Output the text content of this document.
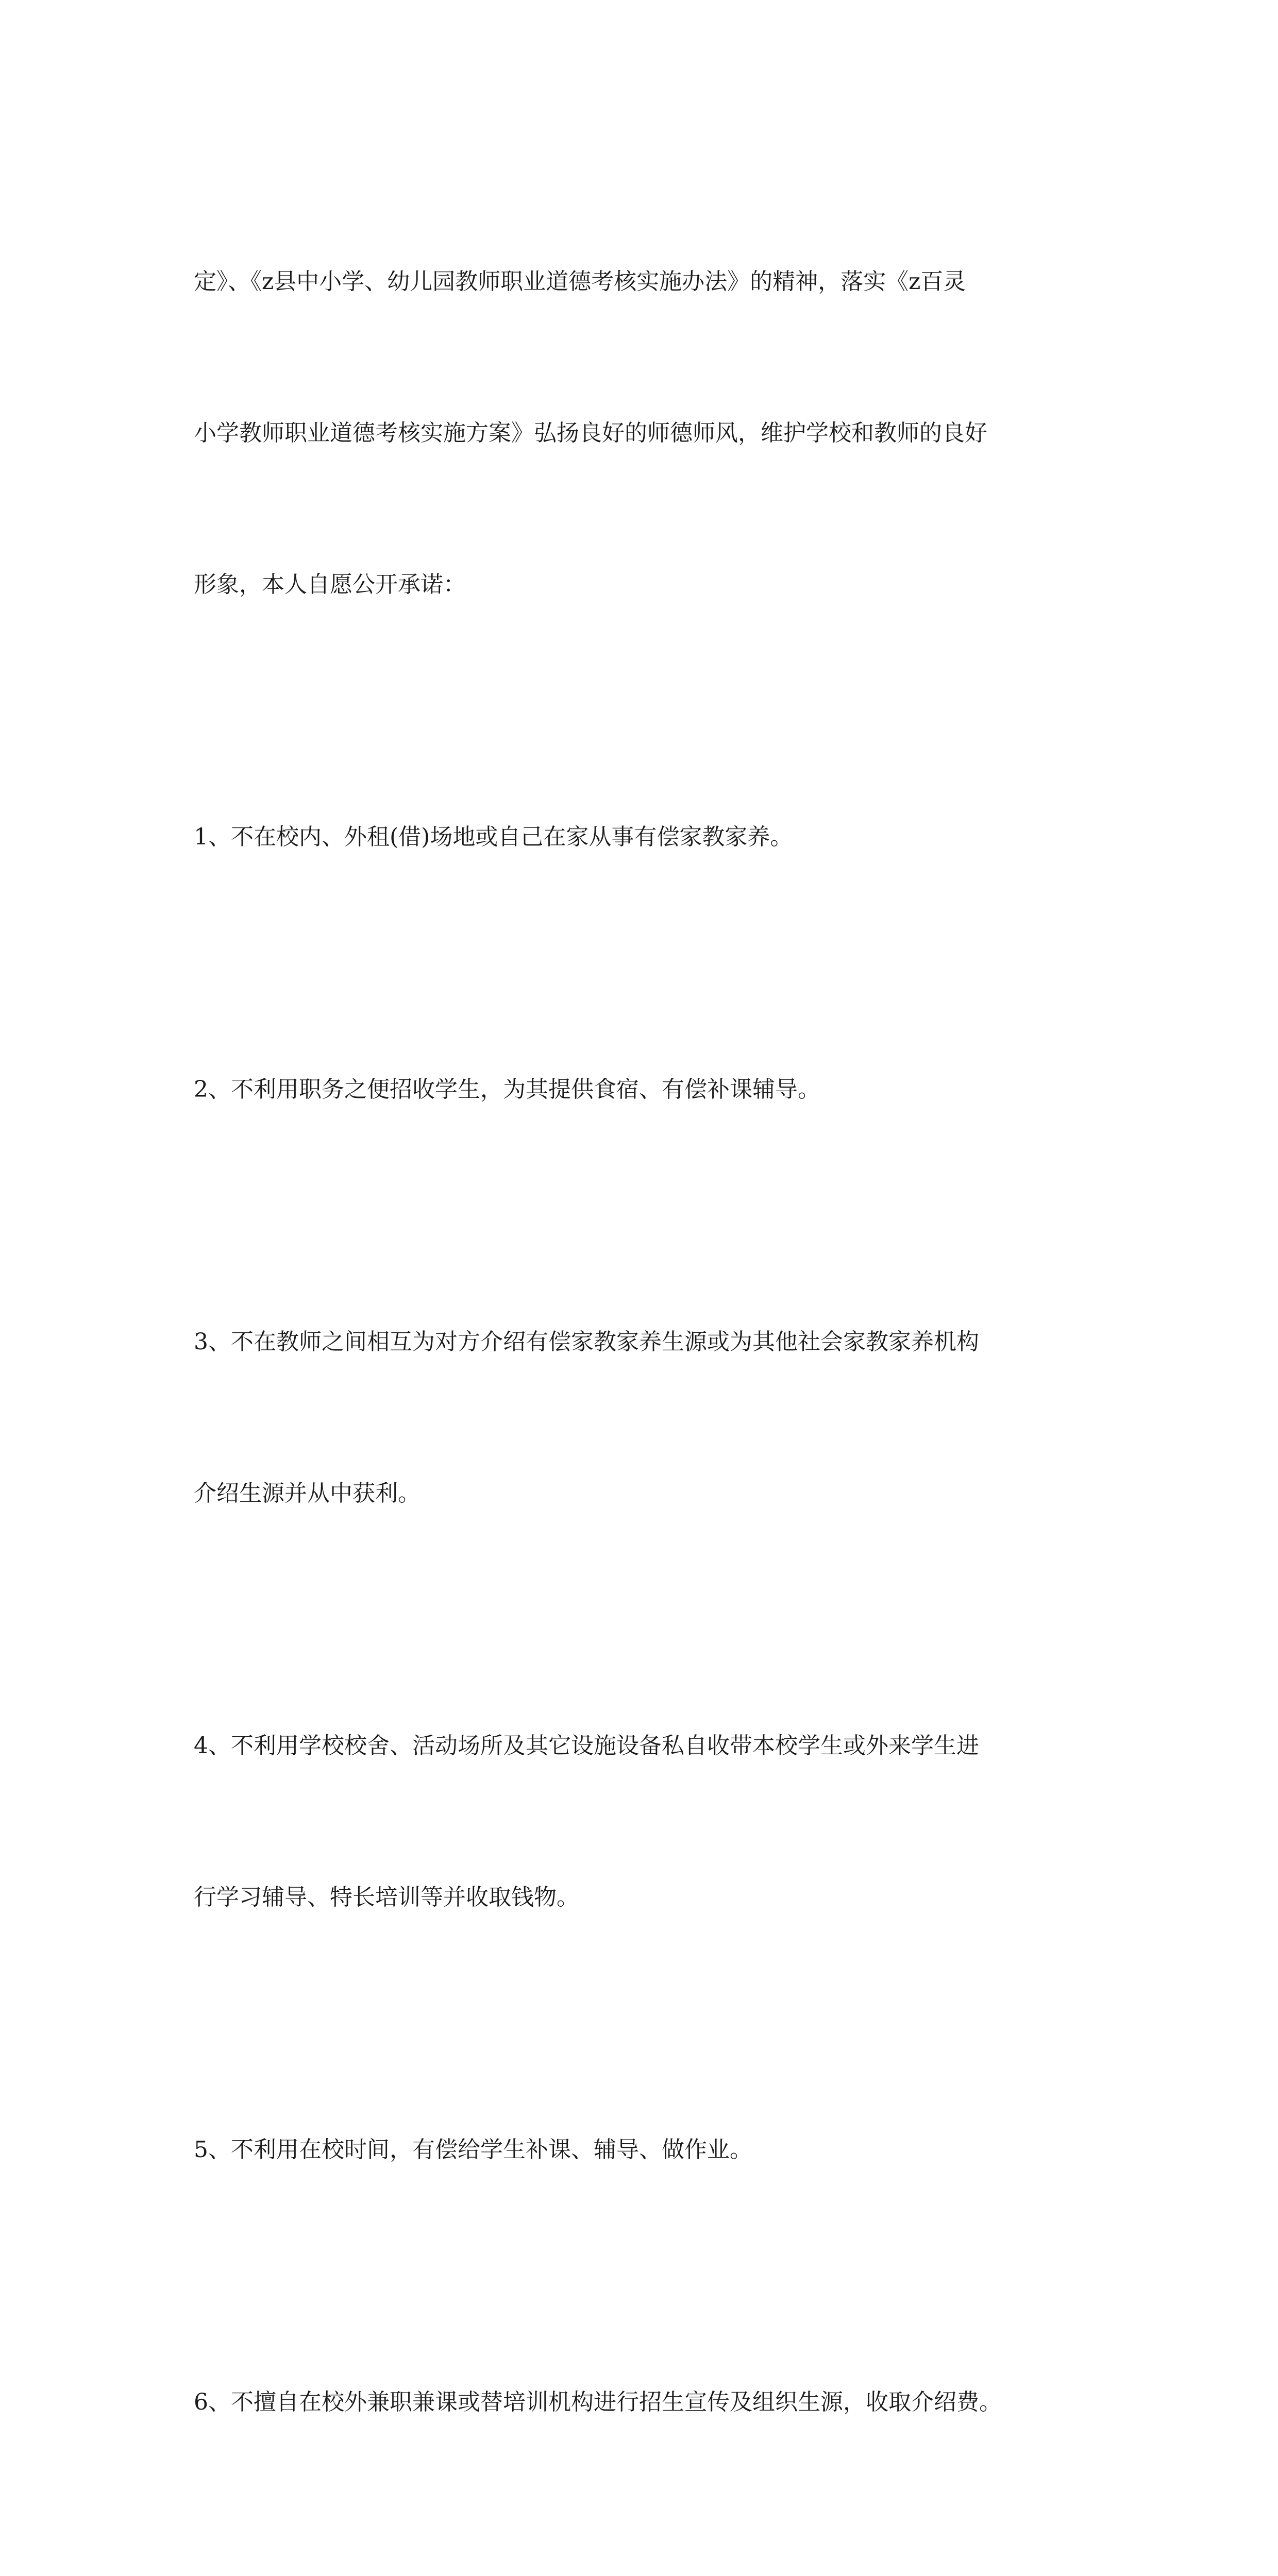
定》、《z县中小学、幼儿园教师职业道德考核实施办法》的精神，落实《z百灵

小学教师职业道德考核实施方案》弘扬良好的师德师风，维护学校和教师的良好

形象，本人自愿公开承诺：

1、不在校内、外租(借)场地或自己在家从事有偿家教家养。

2、不利用职务之便招收学生，为其提供食宿、有偿补课辅导。

3、不在教师之间相互为对方介绍有偿家教家养生源或为其他社会家教家养机构

介绍生源并从中获利。

4、不利用学校校舍、活动场所及其它设施设备私自收带本校学生或外来学生进

行学习辅导、特长培训等并收取钱物。

5、不利用在校时间，有偿给学生补课、辅导、做作业。

6、不擅自在校外兼职兼课或替培训机构进行招生宣传及组织生源，收取介绍费。
